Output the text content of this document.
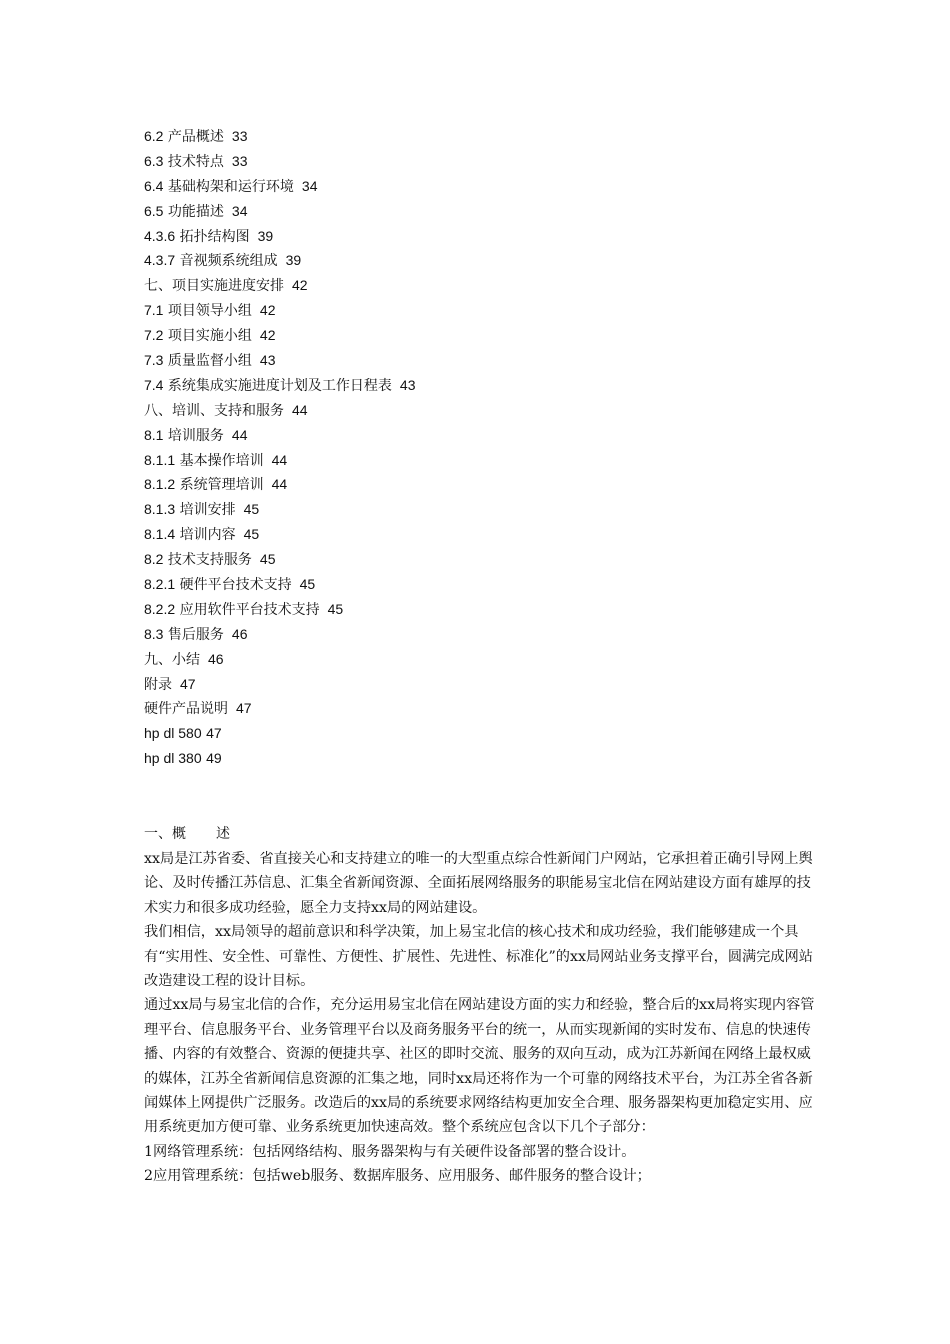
6.2 产品概述 33
6.3 技术特点 33
6.4 基础构架和运行环境 34
6.5 功能描述 34
4.3.6 拓扑结构图 39
4.3.7 音视频系统组成 39
七、项目实施进度安排 42
7.1 项目领导小组 42
7.2 项目实施小组 42
7.3 质量监督小组 43
7.4 系统集成实施进度计划及工作日程表 43
八、培训、支持和服务 44
8.1 培训服务 44
8.1.1 基本操作培训 44
8.1.2 系统管理培训 44
8.1.3 培训安排 45
8.1.4 培训内容 45
8.2 技术支持服务 45
8.2.1 硬件平台技术支持 45
8.2.2 应用软件平台技术支持 45
8.3 售后服务 46
九、小结 46
附录 47
硬件产品说明 47
hp dl 580 47
hp dl 380 49
一、概 述

xx局是江苏省委、省直接关心和支持建立的唯一的大型重点综合性新闻门户网站，它承担着正确引导网上舆论、及时传播江苏信息、汇集全省新闻资源、全面拓展网络服务的职能易宝北信在网站建设方面有雄厚的技术实力和很多成功经验，愿全力支持xx局的网站建设。

我们相信，xx局领导的超前意识和科学决策，加上易宝北信的核心技术和成功经验，我们能够建成一个具有“实用性、安全性、可靠性、方便性、扩展性、先进性、标准化”的xx局网站业务支撑平台，圆满完成网站改造建设工程的设计目标。

通过xx局与易宝北信的合作，充分运用易宝北信在网站建设方面的实力和经验，整合后的xx局将实现内容管理平台、信息服务平台、业务管理平台以及商务服务平台的统一，从而实现新闻的实时发布、信息的快速传播、内容的有效整合、资源的便捷共享、社区的即时交流、服务的双向互动，成为江苏新闻在网络上最权威的媒体，江苏全省新闻信息资源的汇集之地，同时xx局还将作为一个可靠的网络技术平台，为江苏全省各新闻媒体上网提供广泛服务。改造后的xx局的系统要求网络结构更加安全合理、服务器架构更加稳定实用、应用系统更加方便可靠、业务系统更加快速高效。整个系统应包含以下几个子部分：

1网络管理系统：包括网络结构、服务器架构与有关硬件设备部署的整合设计。

2应用管理系统：包括web服务、数据库服务、应用服务、邮件服务的整合设计；
